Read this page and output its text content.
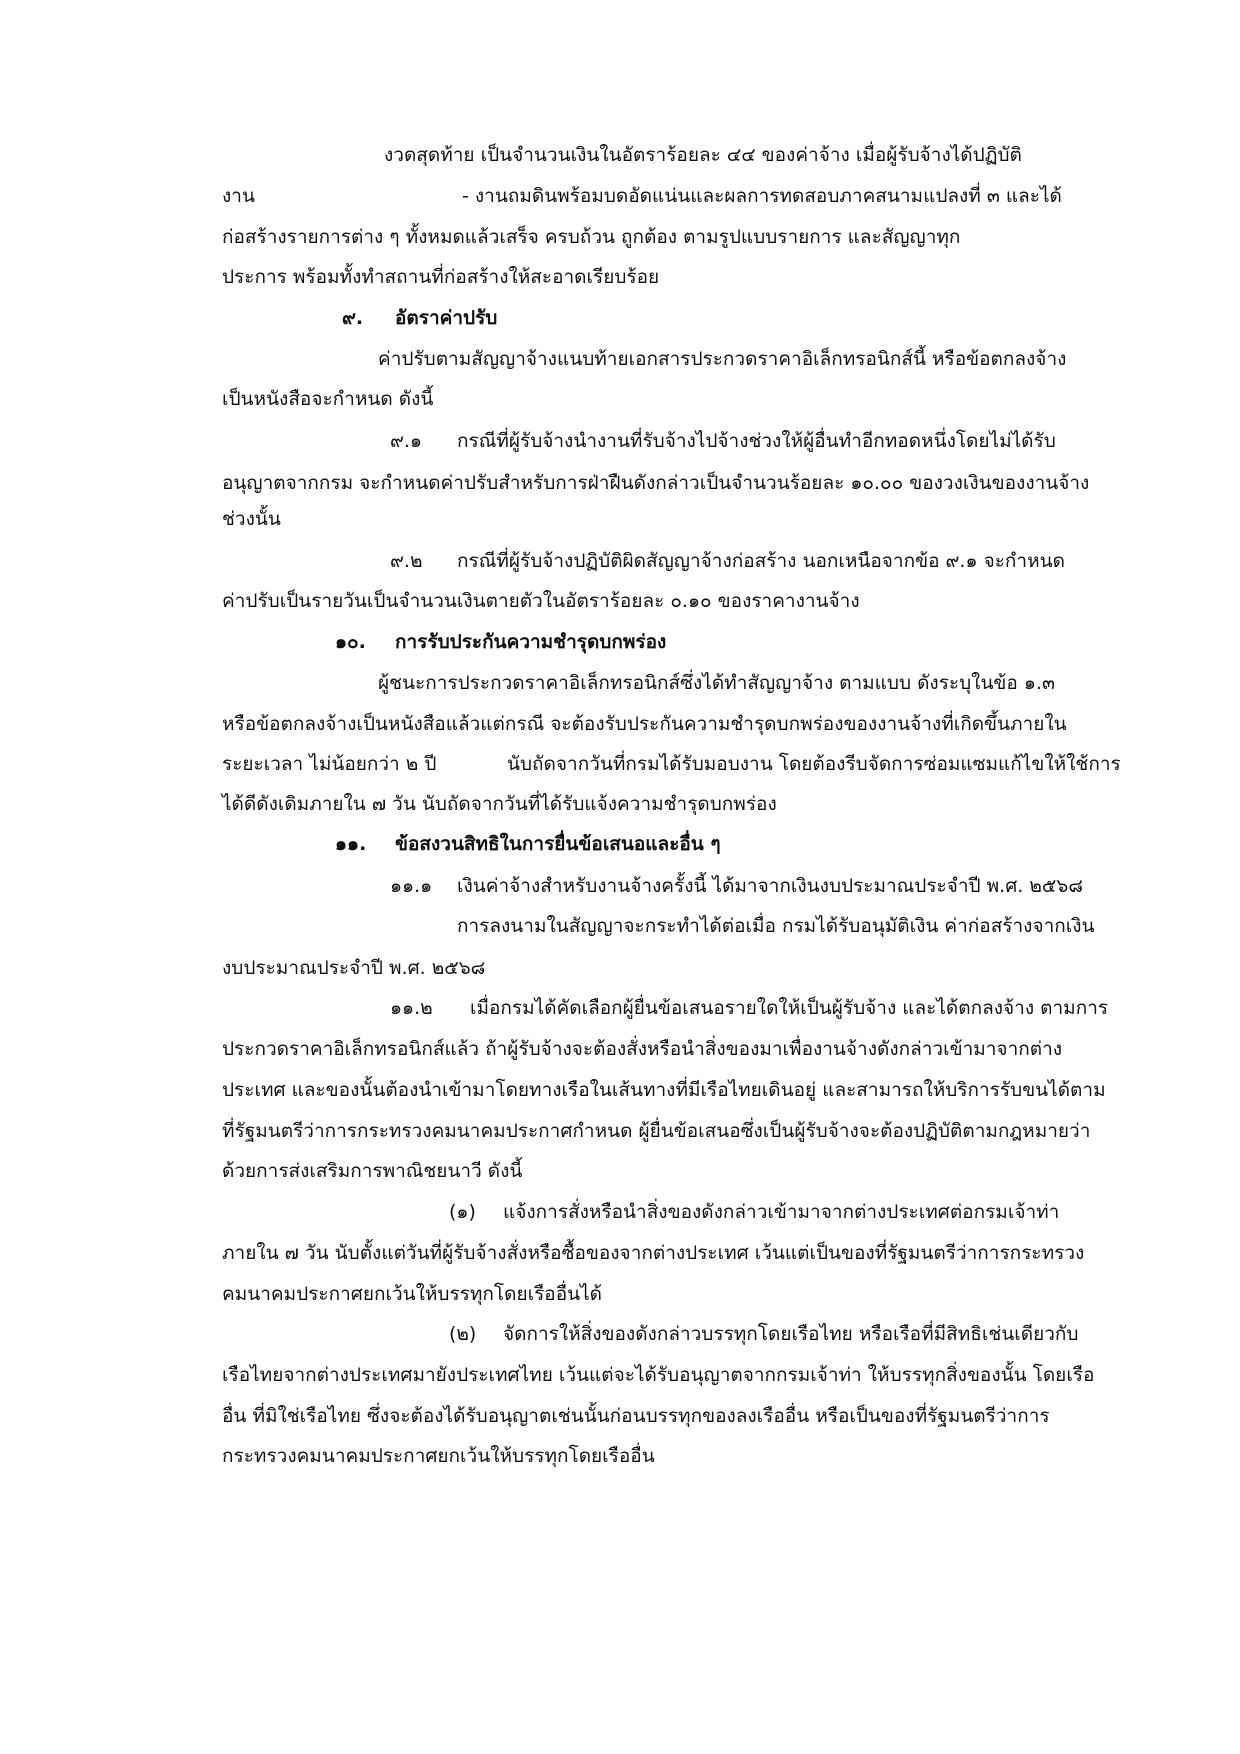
งวดสุดท้าย เป็นจำนวนเงินในอัตราร้อยละ ๔๔ ของค่าจ้าง เมื่อผู้รับจ้างได้ปฏิบัติ
งาน	- งานถมดินพร้อมบดอัดแน่นและผลการทดสอบภาคสนามแปลงที่ ๓ และได้
ก่อสร้างรายการต่าง ๆ ทั้งหมดแล้วเสร็จ ครบถ้วน ถูกต้อง ตามรูปแบบรายการ และสัญญาทุก
ประการ พร้อมทั้งทำสถานที่ก่อสร้างให้สะอาดเรียบร้อย
๙. อัตราค่าปรับ
ค่าปรับตามสัญญาจ้างแนบท้ายเอกสารประกวดราคาอิเล็กทรอนิกส์นี้ หรือข้อตกลงจ้าง
เป็นหนังสือจะกำหนด ดังนี้
๙.๑ กรณีที่ผู้รับจ้างนำงานที่รับจ้างไปจ้างช่วงให้ผู้อื่นทำอีกทอดหนึ่งโดยไม่ได้รับ
อนุญาตจากกรม จะกำหนดค่าปรับสำหรับการฝ่าฝืนดังกล่าวเป็นจำนวนร้อยละ ๑๐.๐๐ ของวงเงินของงานจ้าง
ช่วงนั้น
๙.๒ กรณีที่ผู้รับจ้างปฏิบัติผิดสัญญาจ้างก่อสร้าง นอกเหนือจากข้อ ๙.๑ จะกำหนด
ค่าปรับเป็นรายวันเป็นจำนวนเงินตายตัวในอัตราร้อยละ ๐.๑๐ ของราคางานจ้าง
๑๐. การรับประกันความชำรุดบกพร่อง
ผู้ชนะการประกวดราคาอิเล็กทรอนิกส์ซึ่งได้ทำสัญญาจ้าง ตามแบบ ดังระบุในข้อ ๑.๓
หรือข้อตกลงจ้างเป็นหนังสือแล้วแต่กรณี จะต้องรับประกันความชำรุดบกพร่องของงานจ้างที่เกิดขึ้นภายใน
ระยะเวลา ไม่น้อยกว่า ๒ ปี	นับถัดจากวันที่กรมได้รับมอบงาน โดยต้องรีบจัดการซ่อมแซมแก้ไขให้ใช้การ
ได้ดีดังเดิมภายใน ๗ วัน นับถัดจากวันที่ได้รับแจ้งความชำรุดบกพร่อง
๑๑. ข้อสงวนสิทธิในการยื่นข้อเสนอและอื่น ๆ
๑๑.๑ เงินค่าจ้างสำหรับงานจ้างครั้งนี้ ได้มาจากเงินงบประมาณประจำปี พ.ศ. ๒๕๖๘
การลงนามในสัญญาจะกระทำได้ต่อเมื่อ กรมได้รับอนุมัติเงิน ค่าก่อสร้างจากเงิน
งบประมาณประจำปี พ.ศ. ๒๕๖๘
๑๑.๒ เมื่อกรมได้คัดเลือกผู้ยื่นข้อเสนอรายใดให้เป็นผู้รับจ้าง และได้ตกลงจ้าง ตามการ
ประกวดราคาอิเล็กทรอนิกส์แล้ว ถ้าผู้รับจ้างจะต้องสั่งหรือนำสิ่งของมาเพื่องานจ้างดังกล่าวเข้ามาจากต่าง
ประเทศ และของนั้นต้องนำเข้ามาโดยทางเรือในเส้นทางที่มีเรือไทยเดินอยู่ และสามารถให้บริการรับขนได้ตาม
ที่รัฐมนตรีว่าการกระทรวงคมนาคมประกาศกำหนด ผู้ยื่นข้อเสนอซึ่งเป็นผู้รับจ้างจะต้องปฏิบัติตามกฎหมายว่า
ด้วยการส่งเสริมการพาณิชยนาวี ดังนี้
(๑) แจ้งการสั่งหรือนำสิ่งของดังกล่าวเข้ามาจากต่างประเทศต่อกรมเจ้าท่า
ภายใน ๗ วัน นับตั้งแต่วันที่ผู้รับจ้างสั่งหรือซื้อของจากต่างประเทศ เว้นแต่เป็นของที่รัฐมนตรีว่าการกระทรวง
คมนาคมประกาศยกเว้นให้บรรทุกโดยเรืออื่นได้
(๒) จัดการให้สิ่งของดังกล่าวบรรทุกโดยเรือไทย หรือเรือที่มีสิทธิเช่นเดียวกับ
เรือไทยจากต่างประเทศมายังประเทศไทย เว้นแต่จะได้รับอนุญาตจากกรมเจ้าท่า ให้บรรทุกสิ่งของนั้น โดยเรือ
อื่น ที่มิใช่เรือไทย ซึ่งจะต้องได้รับอนุญาตเช่นนั้นก่อนบรรทุกของลงเรืออื่น หรือเป็นของที่รัฐมนตรีว่าการ
กระทรวงคมนาคมประกาศยกเว้นให้บรรทุกโดยเรืออื่น
